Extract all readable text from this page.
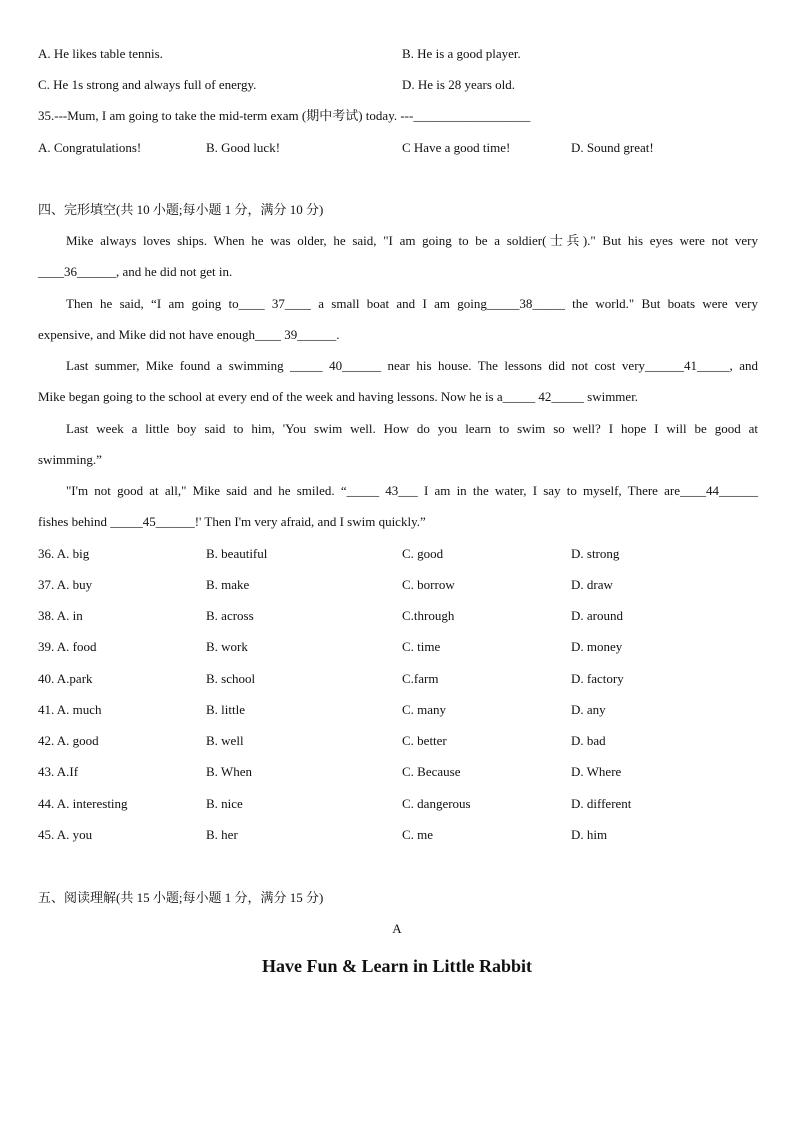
A. He likes table tennis.	B. He is a good player.
C. He 1s strong and always full of energy.	D. He is 28 years old.
35.---Mum, I am going to take the mid-term exam (期中考试) today. ---__________________
A. Congratulations!	B. Good luck!	C Have a good time!	D. Sound great!
四、完形填空(共 10 小题;每小题 1 分，满分 10 分)
Mike always loves ships. When he was older, he said, "I am going to be a soldier(士兵)." But his eyes were not very
____36______, and he did not get in.
Then he said, “I am going to____ 37____ a small boat and I am going_____38_____ the world." But boats were very
expensive, and Mike did not have enough____ 39______.
Last summer, Mike found a swimming _____ 40______ near his house. The lessons did not cost very______41_____, and
Mike began going to the school at every end of the week and having lessons. Now he is a_____ 42_____ swimmer.
Last week a little boy said to him, 'You swim well. How do you learn to swim so well? I hope I will be good at
swimming.”
"I'm not good at all," Mike said and he smiled. “_____ 43___ I am in the water, I say to myself, There are____44______
fishes behind _____45______!' Then I'm very afraid, and I swim quickly.”
36. A. big	B. beautiful	C. good	D. strong
37. A. buy	B. make	C. borrow	D. draw
38. A. in	B. across	C.through	D. around
39. A. food	B. work	C. time	D. money
40. A.park	B. school	C.farm	D. factory
41. A. much	B. little	C. many	D. any
42. A. good	B. well	C. better	D. bad
43. A.If	B. When	C. Because	D. Where
44. A. interesting	B. nice	C. dangerous	D. different
45. A. you	B. her	C. me	D. him
五、阅读理解(共 15 小题;每小题 1 分，满分 15 分)
A
Have Fun & Learn in Little Rabbit
